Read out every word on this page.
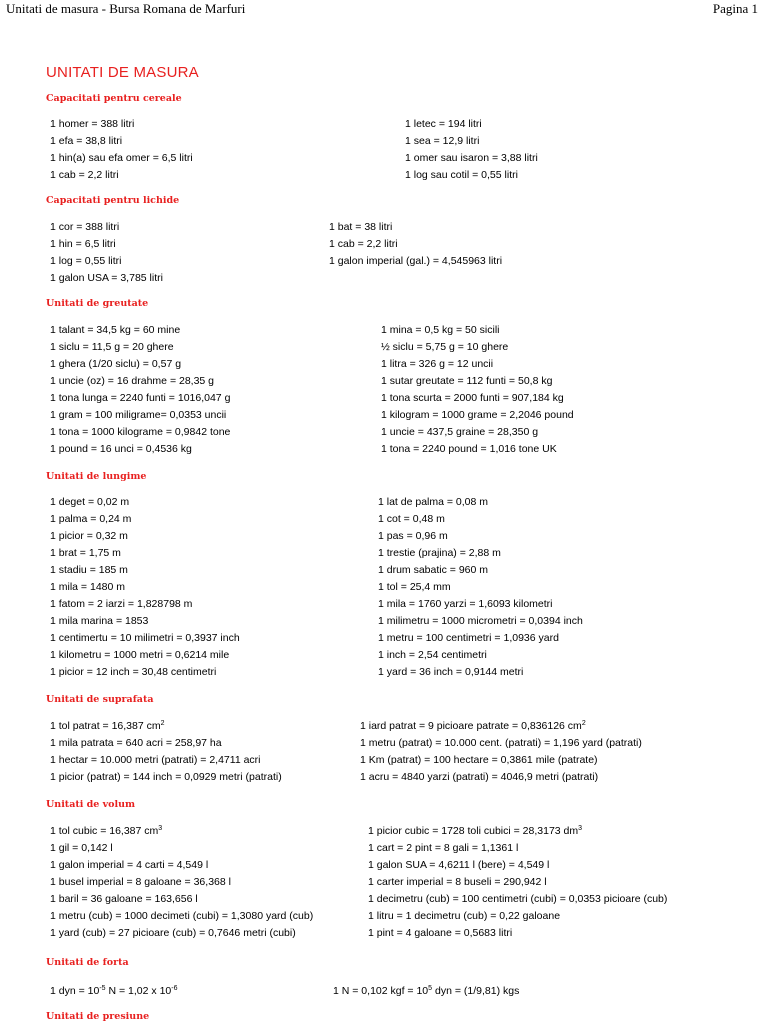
Unitati de masura - Bursa Romana de Marfuri	Pagina 1
UNITATI DE MASURA
Capacitati pentru cereale
1 homer = 388 litri
1 efa = 38,8 litri
1 hin(a) sau efa omer = 6,5 litri
1 cab = 2,2 litri
1 letec = 194 litri
1 sea = 12,9 litri
1 omer sau isaron = 3,88 litri
1 log sau cotil = 0,55 litri
Capacitati pentru lichide
1 cor = 388 litri
1 hin = 6,5 litri
1 log = 0,55 litri
1 galon USA = 3,785 litri
1 bat = 38 litri
1 cab = 2,2 litri
1 galon imperial (gal.) = 4,545963 litri
Unitati de greutate
1 talant = 34,5 kg = 60 mine
1 siclu = 11,5 g = 20 ghere
1 ghera (1/20 siclu) = 0,57 g
1 uncie (oz) = 16 drahme = 28,35 g
1 tona lunga = 2240 funti = 1016,047 g
1 gram = 100 miligrame= 0,0353 uncii
1 tona = 1000 kilograme = 0,9842 tone
1 pound = 16 unci = 0,4536 kg
1 mina = 0,5 kg = 50 sicili
½ siclu = 5,75 g = 10 ghere
1 litra = 326 g = 12 uncii
1 sutar greutate = 112 funti = 50,8 kg
1 tona scurta = 2000 funti = 907,184 kg
1 kilogram = 1000 grame = 2,2046 pound
1 uncie = 437,5 graine = 28,350 g
1 tona = 2240 pound = 1,016 tone UK
Unitati de lungime
1 deget = 0,02 m
1 palma = 0,24 m
1 picior = 0,32 m
1 brat = 1,75 m
1 stadiu = 185 m
1 mila = 1480 m
1 fatom = 2 iarzi = 1,828798 m
1 mila marina = 1853
1 centimertu = 10 milimetri = 0,3937 inch
1 kilometru = 1000 metri = 0,6214 mile
1 picior = 12 inch = 30,48 centimetri
1 lat de palma = 0,08 m
1 cot = 0,48 m
1 pas = 0,96 m
1 trestie (prajina) = 2,88 m
1 drum sabatic = 960 m
1 tol = 25,4 mm
1 mila = 1760 yarzi = 1,6093 kilometri
1 milimetru = 1000 micrometri = 0,0394 inch
1 metru = 100 centimetri = 1,0936 yard
1 inch = 2,54 centimetri
1 yard = 36 inch = 0,9144 metri
Unitati de suprafata
1 tol patrat = 16,387 $cm^2$
1 mila patrata = 640 acri = 258,97 ha
1 hectar = 10.000 metri (patrati) = 2,4711 acri
1 picior (patrat) = 144 inch = 0,0929 metri (patrati)
1 iard patrat = 9 picioare patrate = 0,836126 $cm^2$
1 metru (patrat) = 10.000 cent. (patrati) = 1,196 yard (patrati)
1 Km (patrat) = 100 hectare = 0,3861 mile (patrate)
1 acru = 4840 yarzi (patrati) = 4046,9 metri (patrati)
Unitati de volum
1 tol cubic = 16,387 $cm^3$
1 gil = 0,142 l
1 galon imperial = 4 carti = 4,549 l
1 busel imperial = 8 galoane = 36,368 l
1 baril = 36 galoane = 163,656 l
1 metru (cub) = 1000 decimeti (cubi) = 1,3080 yard (cub)
1 yard (cub) = 27 picioare (cub) = 0,7646 metri (cubi)
1 picior cubic = 1728 toli cubici = 28,3173 $dm^3$
1 cart = 2 pint = 8 gali = 1,1361 l
1 galon SUA = 4,6211 l (bere) = 4,549 l
1 carter imperial = 8 buseli = 290,942 l
1 decimetru (cub) = 100 centimetri (cubi) = 0,0353 picioare (cub)
1 litru = 1 decimetru (cub) = 0,22 galoane
1 pint = 4 galoane = 0,5683 litri
Unitati de forta
1 dyn = $10^{-5}$ N = 1,02 x $10^{-6}$	1 N = 0,102 kgf = $10^5$ dyn = (1/9,81) kgs
Unitati de presiune
